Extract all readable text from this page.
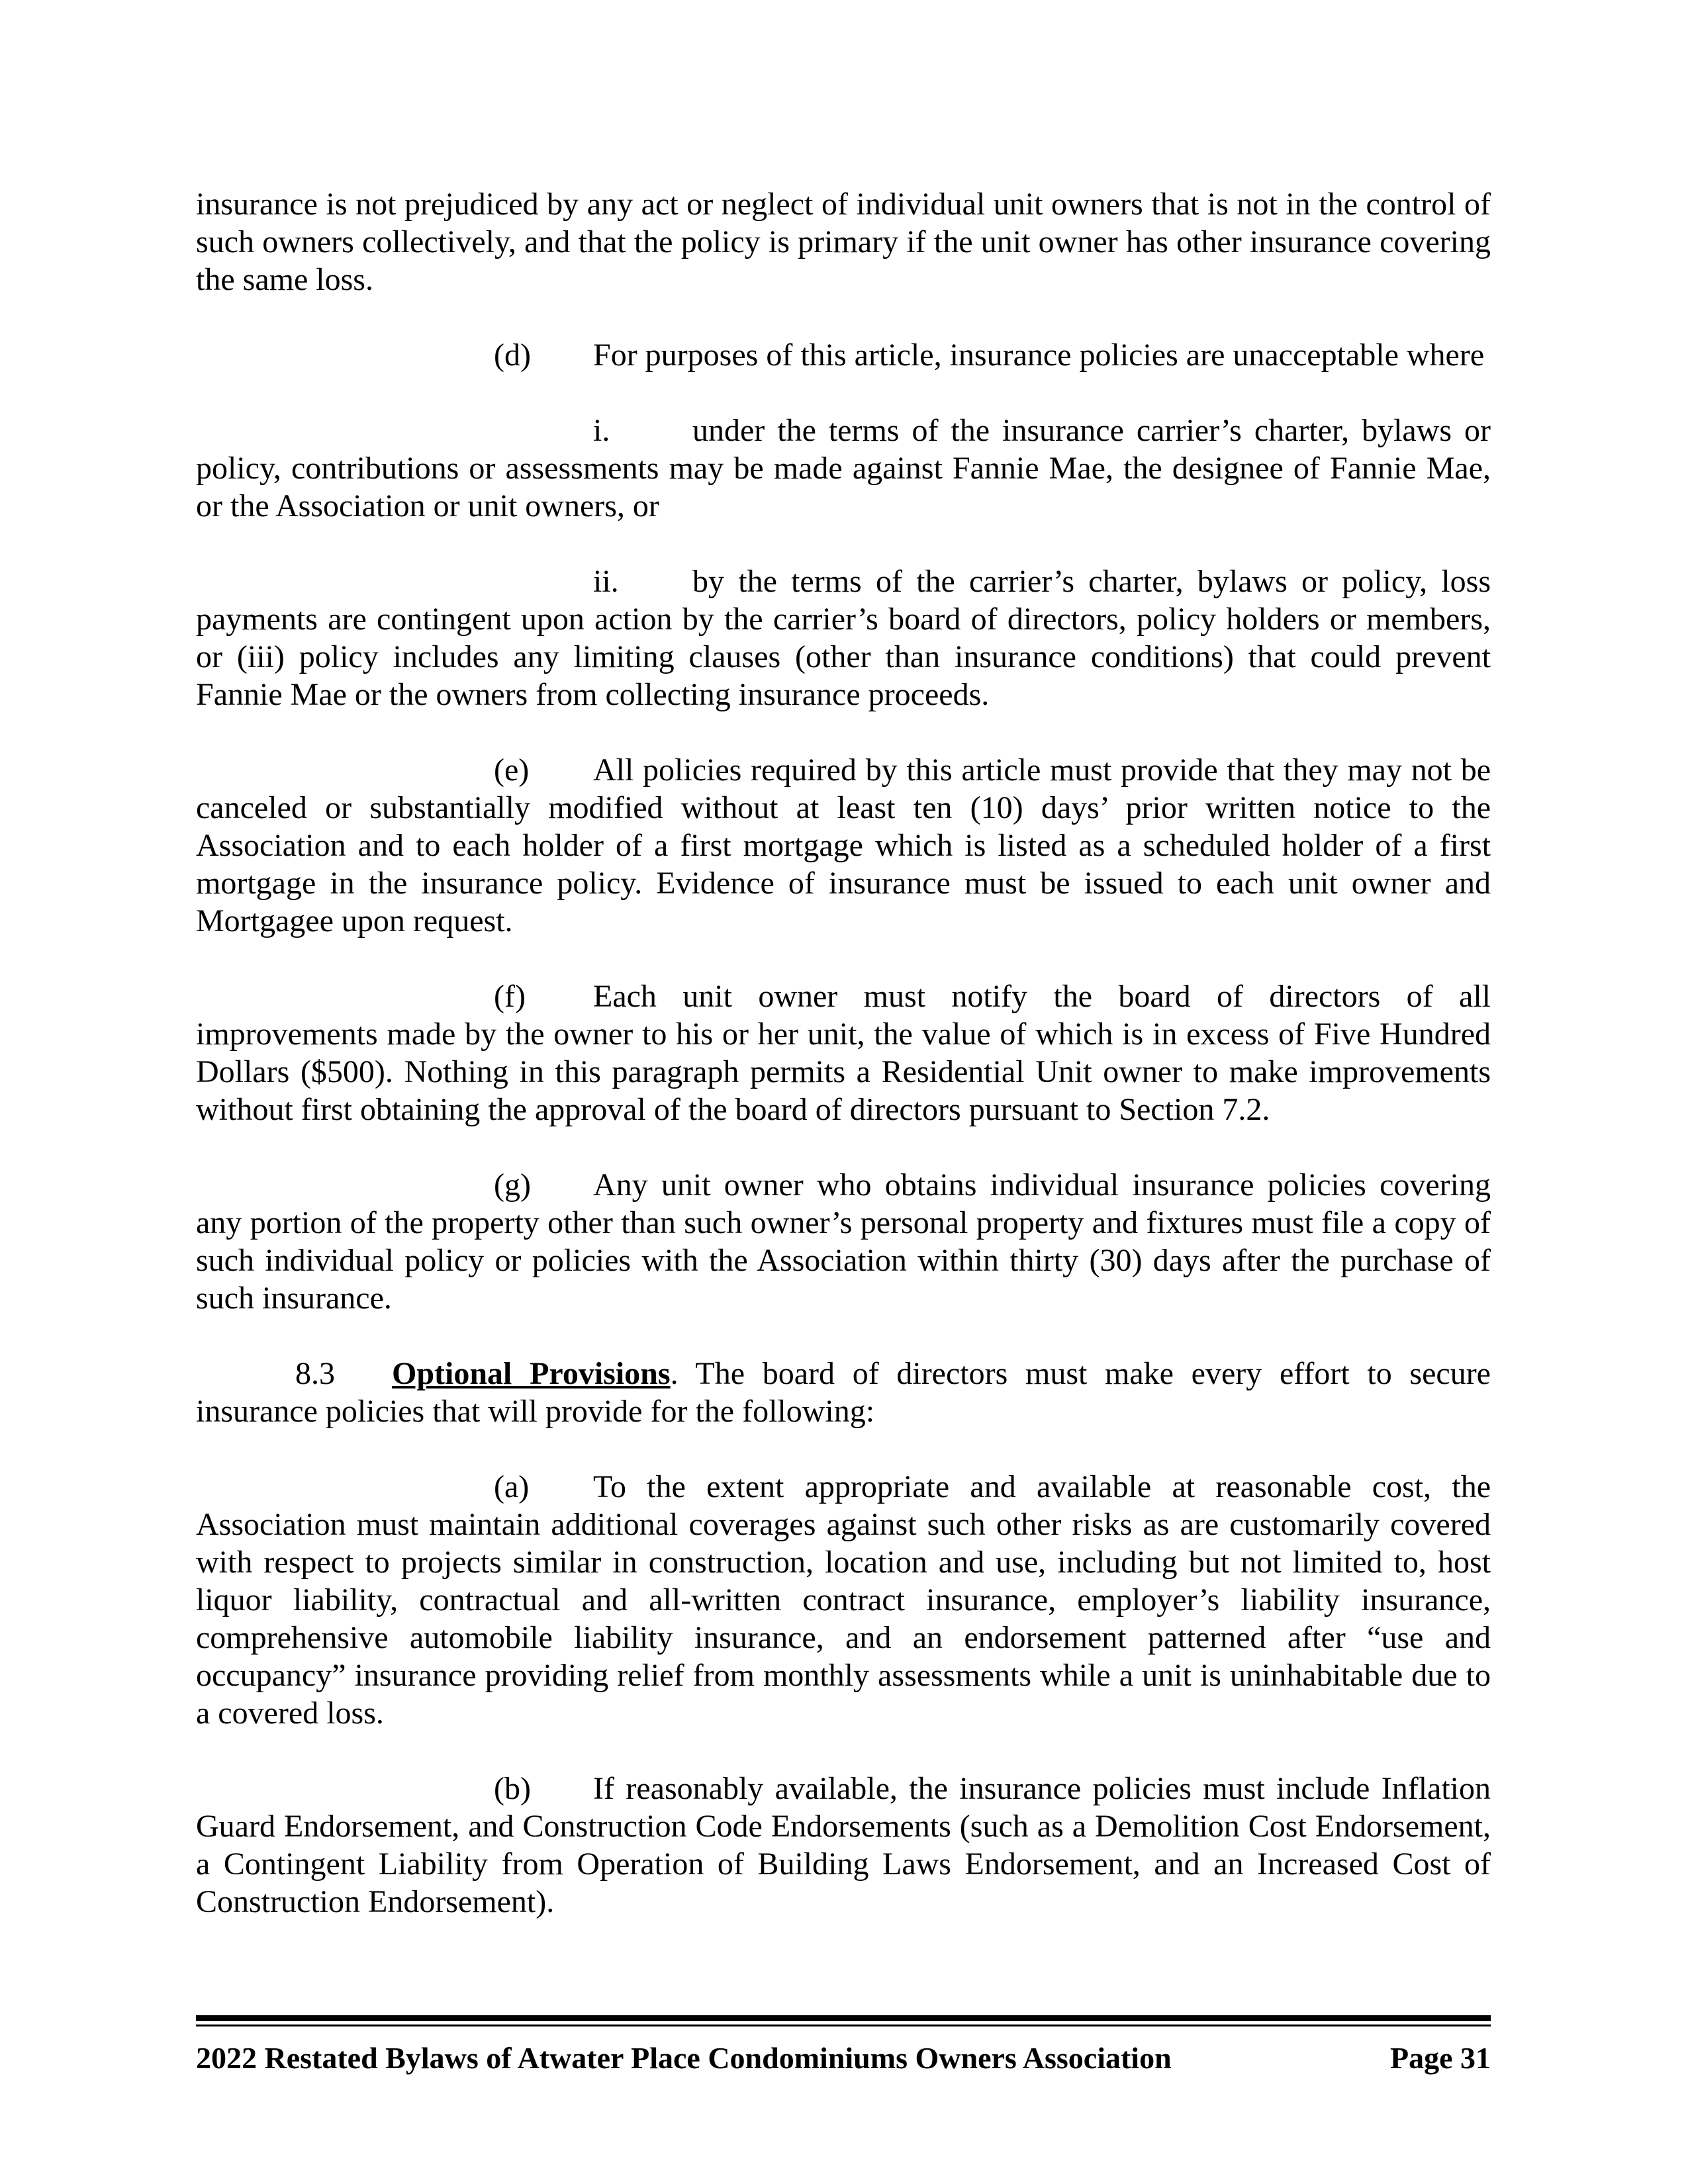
insurance is not prejudiced by any act or neglect of individual unit owners that is not in the control of such owners collectively, and that the policy is primary if the unit owner has other insurance covering the same loss.

(d) For purposes of this article, insurance policies are unacceptable where

i.	under the terms of the insurance carrier’s charter, bylaws or policy, contributions or assessments may be made against Fannie Mae, the designee of Fannie Mae, or the Association or unit owners, or

ii. by the terms of the carrier’s charter, bylaws or policy, loss payments are contingent upon action by the carrier’s board of directors, policy holders or members, or (iii) policy includes any limiting clauses (other than insurance conditions) that could prevent Fannie Mae or the owners from collecting insurance proceeds.

(e) All policies required by this article must provide that they may not be canceled or substantially modified without at least ten (10) days’ prior written notice to the Association and to each holder of a first mortgage which is listed as a scheduled holder of a first mortgage in the insurance policy. Evidence of insurance must be issued to each unit owner and Mortgagee upon request.

(f) Each unit owner must notify the board of directors of all improvements made by the owner to his or her unit, the value of which is in excess of Five Hundred Dollars ($500). Nothing in this paragraph permits a Residential Unit owner to make improvements without first obtaining the approval of the board of directors pursuant to Section 7.2.

(g) Any unit owner who obtains individual insurance policies covering any portion of the property other than such owner’s personal property and fixtures must file a copy of such individual policy or policies with the Association within thirty (30) days after the purchase of such insurance.

8.3 Optional Provisions. The board of directors must make every effort to secure insurance policies that will provide for the following:

(a) To the extent appropriate and available at reasonable cost, the Association must maintain additional coverages against such other risks as are customarily covered with respect to projects similar in construction, location and use, including but not limited to, host liquor liability, contractual and all-written contract insurance, employer’s liability insurance, comprehensive automobile liability insurance, and an endorsement patterned after “use and occupancy” insurance providing relief from monthly assessments while a unit is uninhabitable due to a covered loss.

(b) If reasonably available, the insurance policies must include Inflation Guard Endorsement, and Construction Code Endorsements (such as a Demolition Cost Endorsement, a Contingent Liability from Operation of Building Laws Endorsement, and an Increased Cost of Construction Endorsement).

2022 Restated Bylaws of Atwater Place Condominiums Owners Association	Page 31
